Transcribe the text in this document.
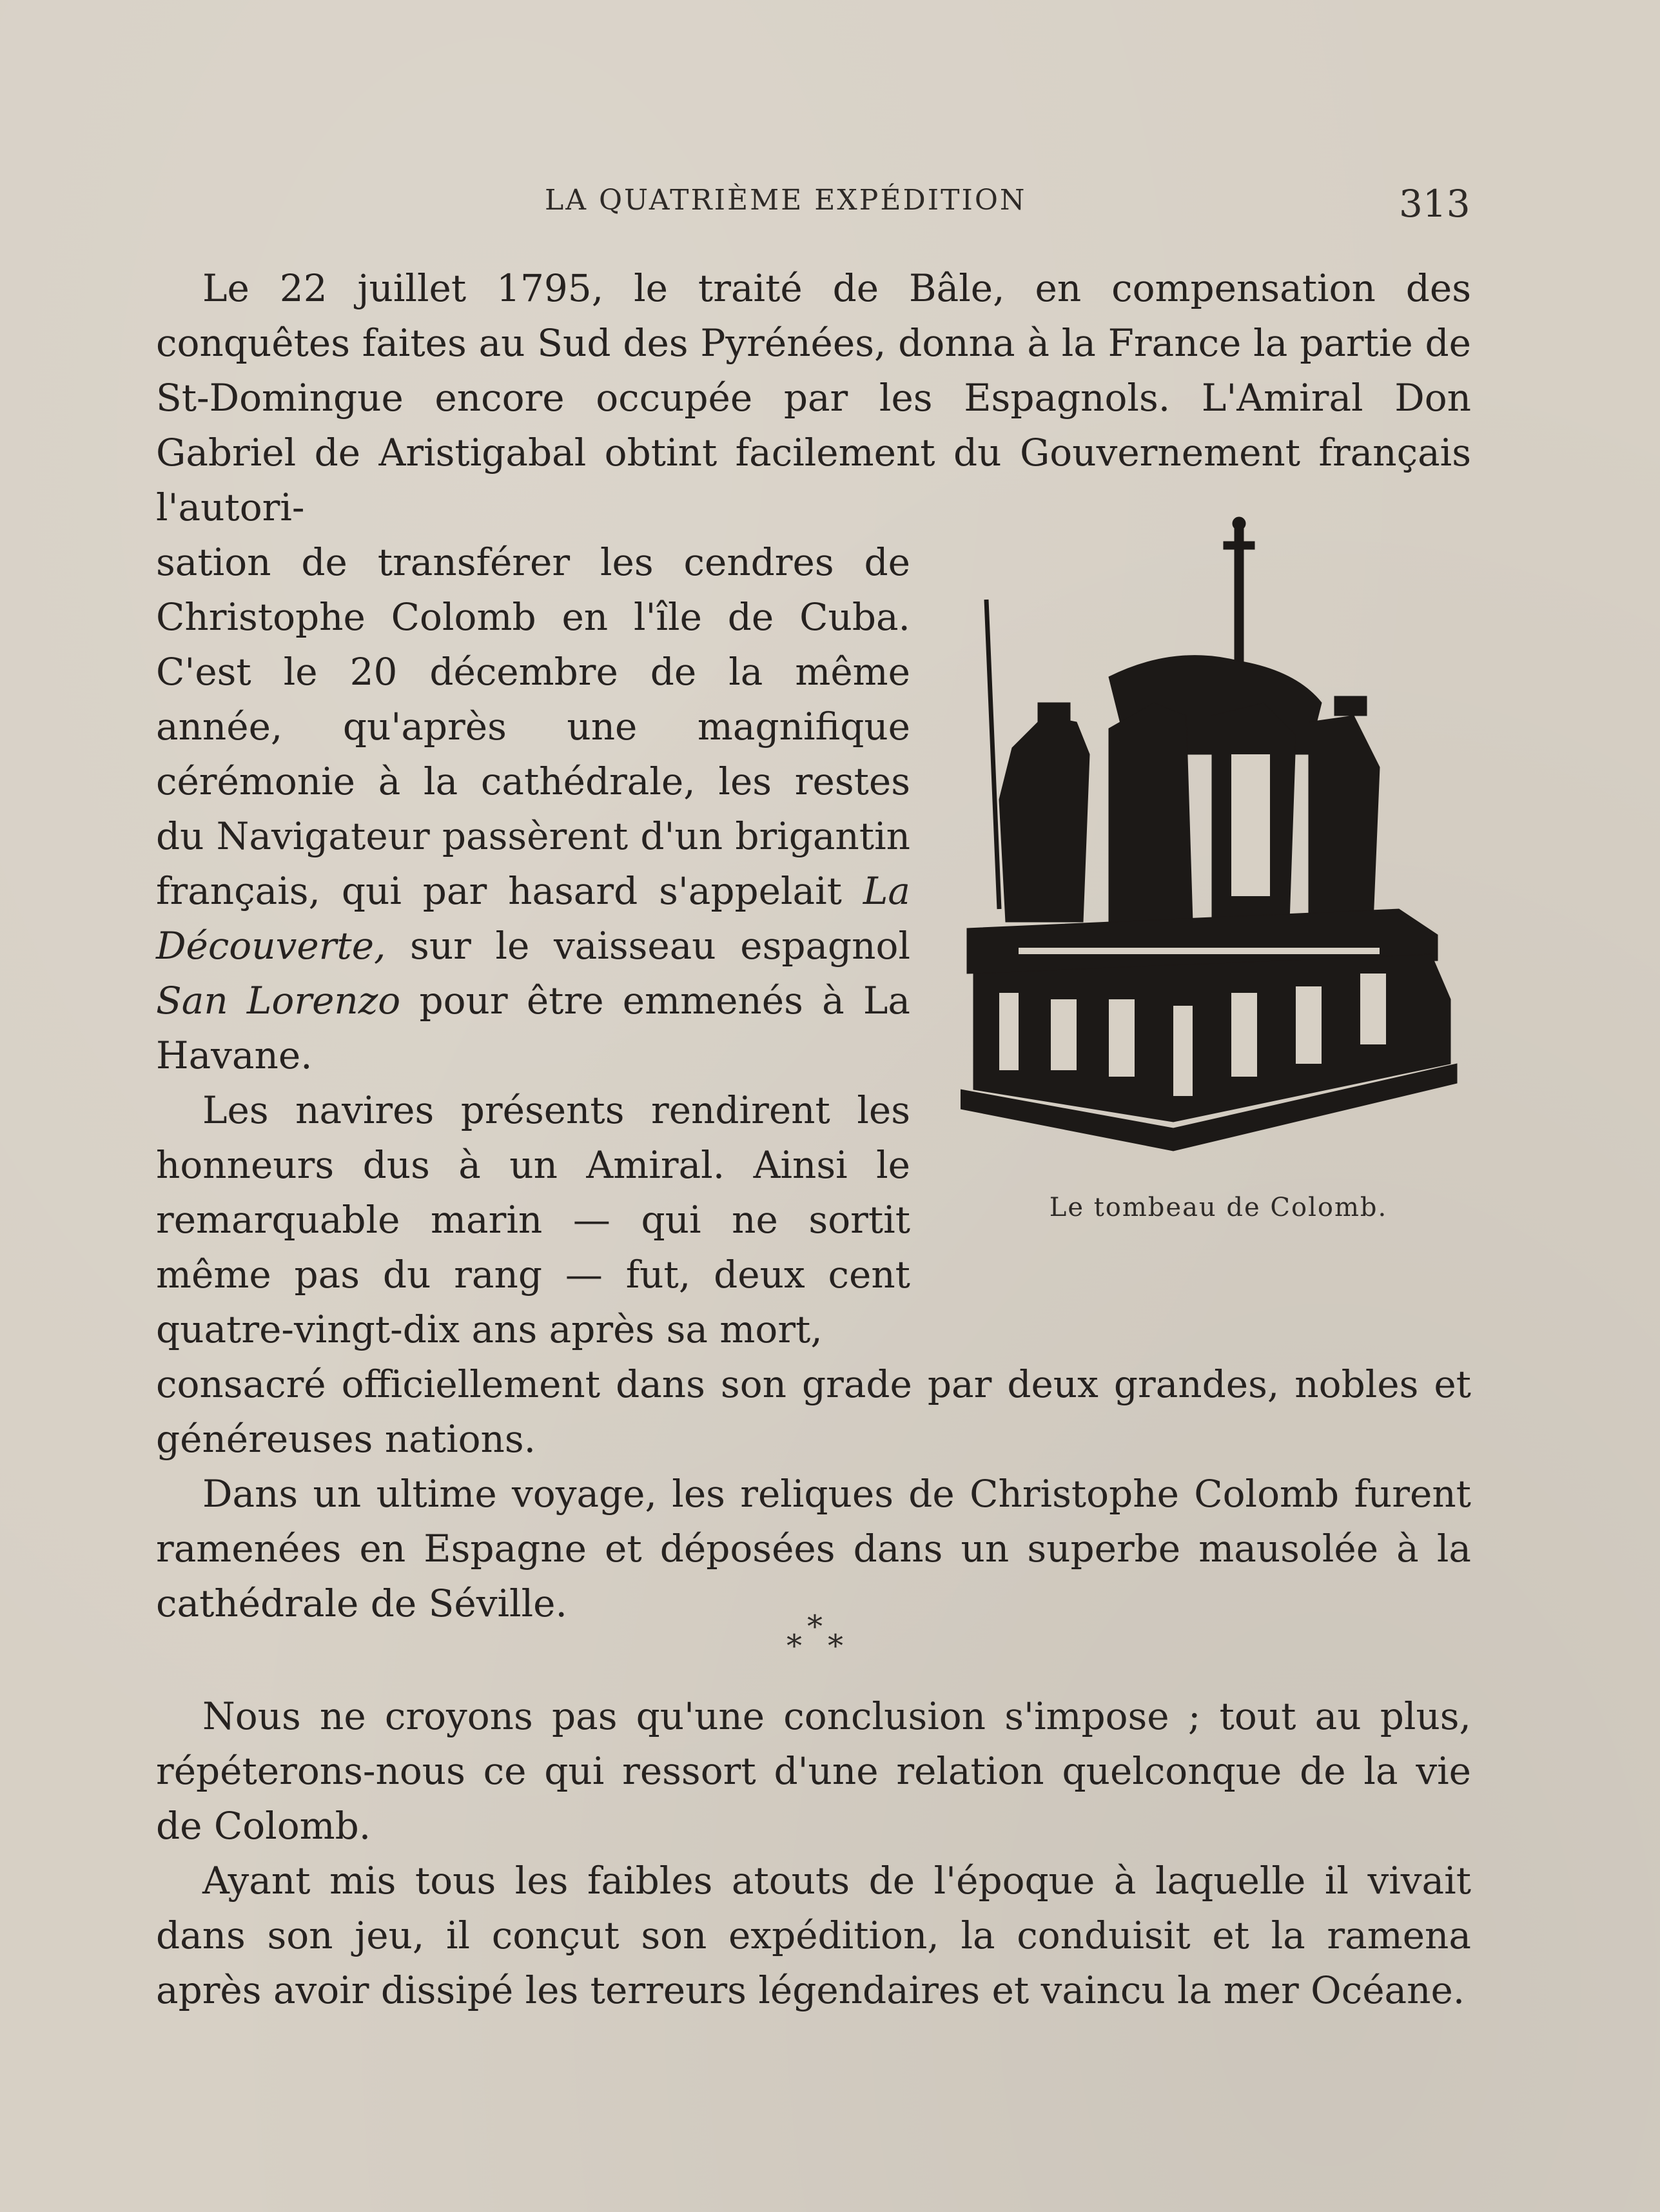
LA QUATRIÈME EXPÉDITION	313

Le 22 juillet 1795, le traité de Bâle, en compensation des conquêtes faites au Sud des Pyrénées, donna à la France la partie de St-Domingue encore occupée par les Espagnols. L'Amiral Don Gabriel de Aristigabal obtint facilement du Gouvernement français l'autori-

sation de transférer les cendres de Christophe Colomb en l'île de Cuba. C'est le 20 décembre de la même année, qu'après une magnifique cérémonie à la cathédrale, les restes du Navigateur passèrent d'un brigantin français, qui par hasard s'appelait La Découverte, sur le vaisseau espagnol San Lorenzo pour être emmenés à La Havane.

Les navires présents rendirent les honneurs dus à un Amiral. Ainsi le remarquable marin — qui ne sortit même pas du rang — fut, deux cent quatre-vingt-dix ans après sa mort,

consacré officiellement dans son grade par deux grandes, nobles et généreuses nations.

Dans un ultime voyage, les reliques de Christophe Colomb furent ramenées en Espagne et déposées dans un superbe mausolée à la cathédrale de Séville.

Le tombeau de Colomb.
*
* *

Nous ne croyons pas qu'une conclusion s'impose ; tout au plus, répéterons-nous ce qui ressort d'une relation quelconque de la vie de Colomb.

Ayant mis tous les faibles atouts de l'époque à laquelle il vivait dans son jeu, il conçut son expédition, la conduisit et la ramena après avoir dissipé les terreurs légendaires et vaincu la mer Océane.
